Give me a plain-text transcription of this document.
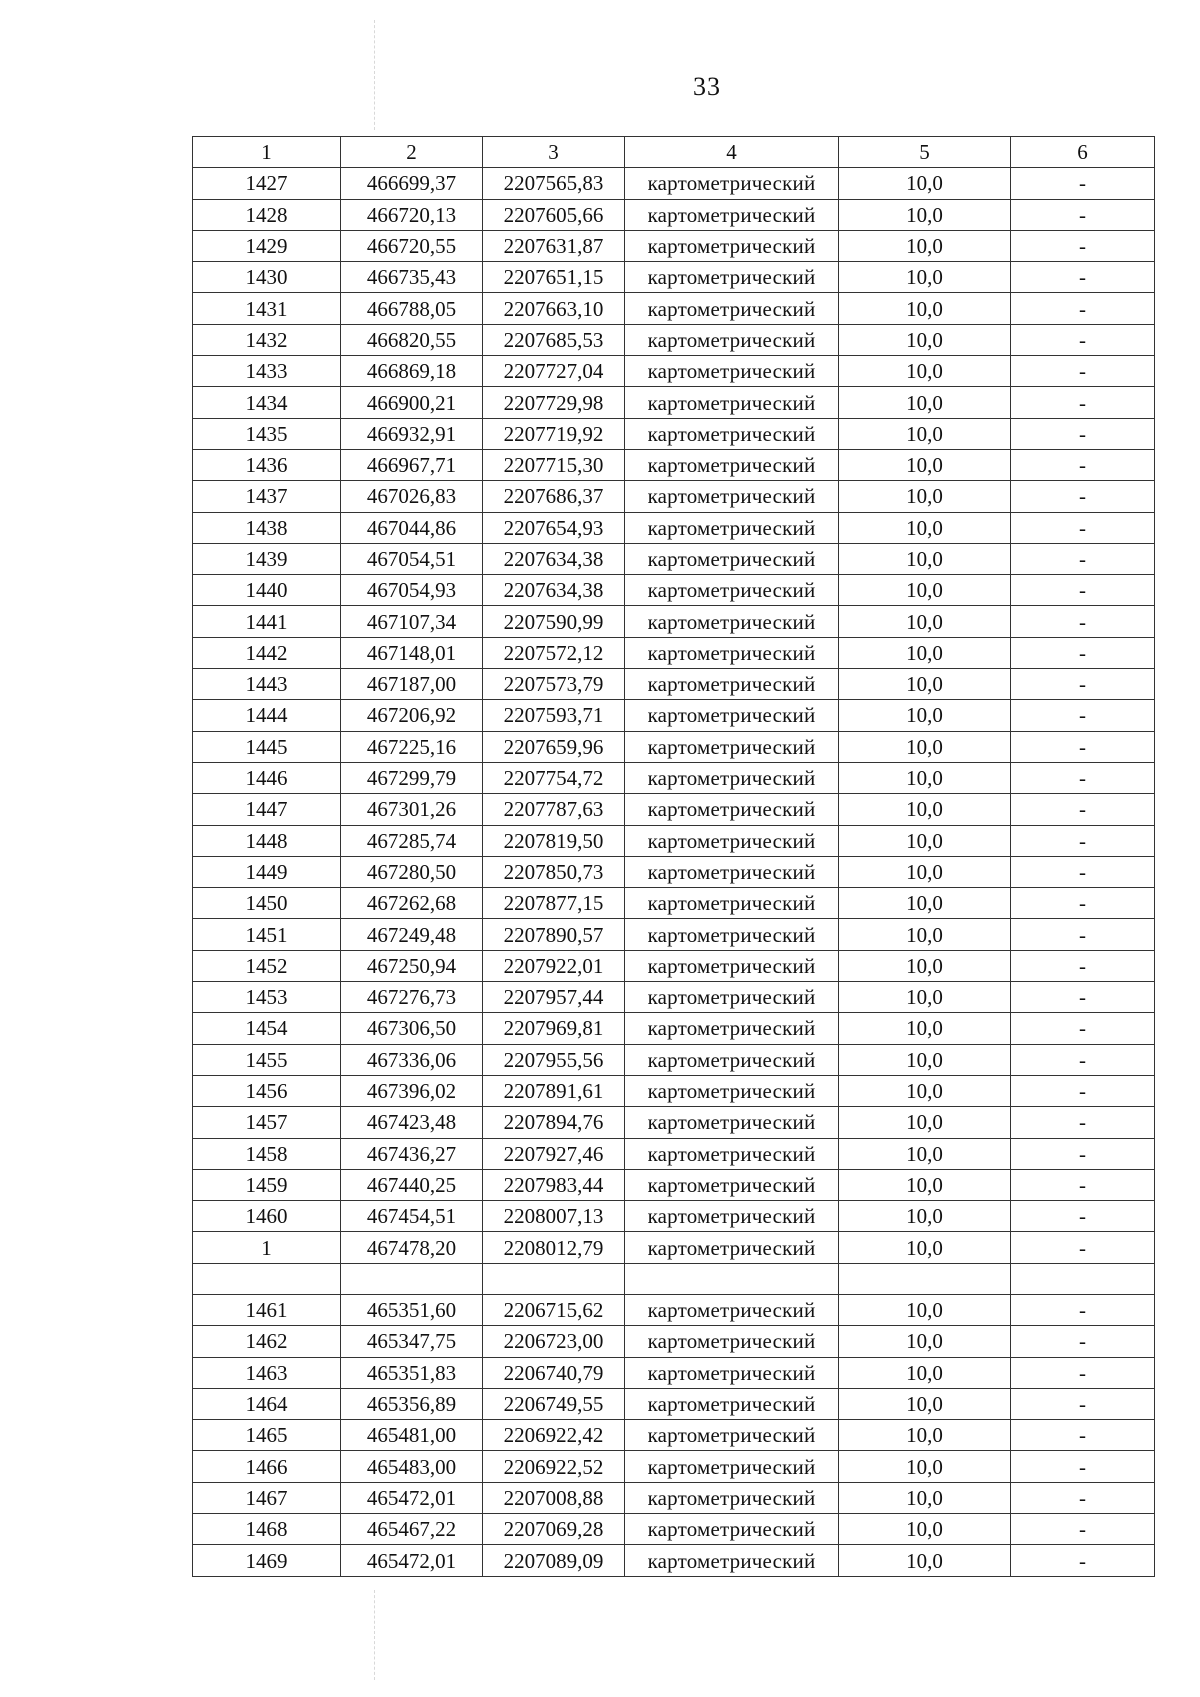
33
1	2	3	4	5	6
1427	466699,37	2207565,83	картометрический	10,0	-
1428	466720,13	2207605,66	картометрический	10,0	-
1429	466720,55	2207631,87	картометрический	10,0	-
1430	466735,43	2207651,15	картометрический	10,0	-
1431	466788,05	2207663,10	картометрический	10,0	-
1432	466820,55	2207685,53	картометрический	10,0	-
1433	466869,18	2207727,04	картометрический	10,0	-
1434	466900,21	2207729,98	картометрический	10,0	-
1435	466932,91	2207719,92	картометрический	10,0	-
1436	466967,71	2207715,30	картометрический	10,0	-
1437	467026,83	2207686,37	картометрический	10,0	-
1438	467044,86	2207654,93	картометрический	10,0	-
1439	467054,51	2207634,38	картометрический	10,0	-
1440	467054,93	2207634,38	картометрический	10,0	-
1441	467107,34	2207590,99	картометрический	10,0	-
1442	467148,01	2207572,12	картометрический	10,0	-
1443	467187,00	2207573,79	картометрический	10,0	-
1444	467206,92	2207593,71	картометрический	10,0	-
1445	467225,16	2207659,96	картометрический	10,0	-
1446	467299,79	2207754,72	картометрический	10,0	-
1447	467301,26	2207787,63	картометрический	10,0	-
1448	467285,74	2207819,50	картометрический	10,0	-
1449	467280,50	2207850,73	картометрический	10,0	-
1450	467262,68	2207877,15	картометрический	10,0	-
1451	467249,48	2207890,57	картометрический	10,0	-
1452	467250,94	2207922,01	картометрический	10,0	-
1453	467276,73	2207957,44	картометрический	10,0	-
1454	467306,50	2207969,81	картометрический	10,0	-
1455	467336,06	2207955,56	картометрический	10,0	-
1456	467396,02	2207891,61	картометрический	10,0	-
1457	467423,48	2207894,76	картометрический	10,0	-
1458	467436,27	2207927,46	картометрический	10,0	-
1459	467440,25	2207983,44	картометрический	10,0	-
1460	467454,51	2208007,13	картометрический	10,0	-
1	467478,20	2208012,79	картометрический	10,0	-

1461	465351,60	2206715,62	картометрический	10,0	-
1462	465347,75	2206723,00	картометрический	10,0	-
1463	465351,83	2206740,79	картометрический	10,0	-
1464	465356,89	2206749,55	картометрический	10,0	-
1465	465481,00	2206922,42	картометрический	10,0	-
1466	465483,00	2206922,52	картометрический	10,0	-
1467	465472,01	2207008,88	картометрический	10,0	-
1468	465467,22	2207069,28	картометрический	10,0	-
1469	465472,01	2207089,09	картометрический	10,0	-
